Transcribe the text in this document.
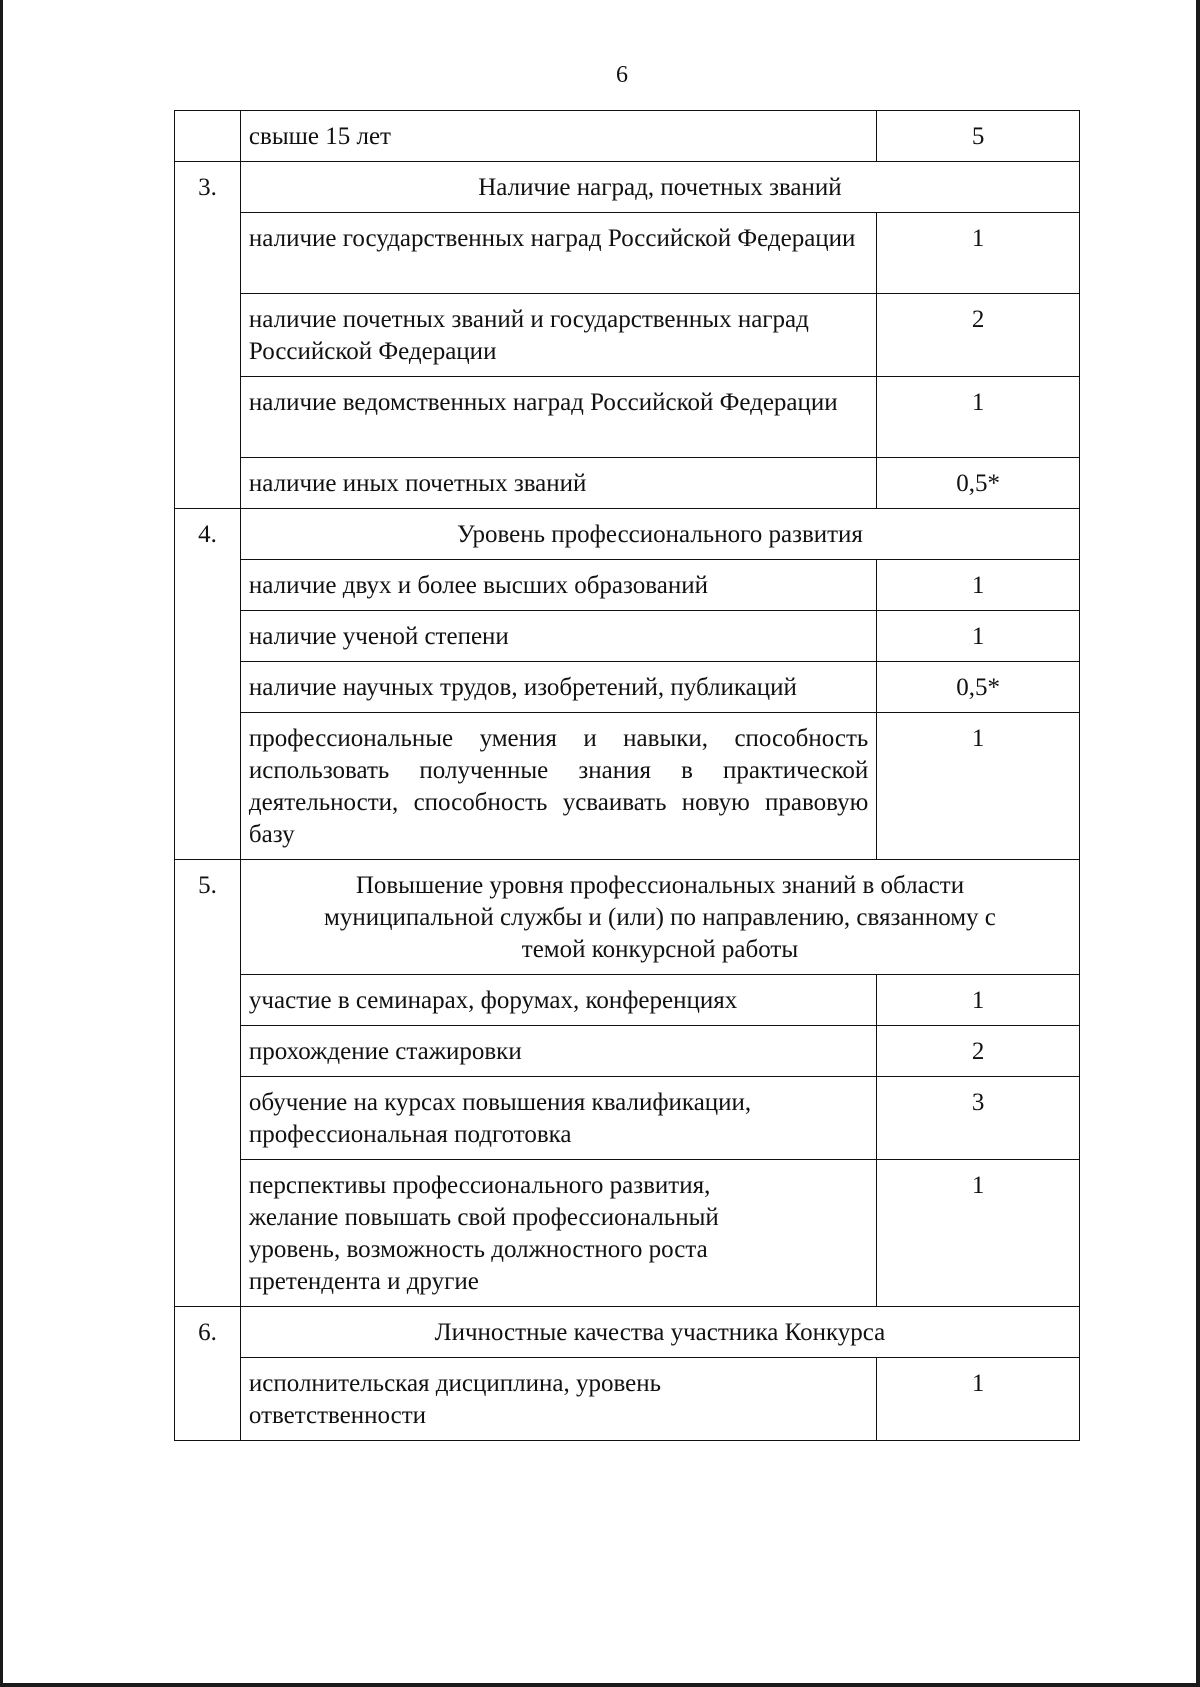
6
	свыше 15 лет	5
3.	Наличие наград, почетных званий	
	наличие государственных наград Российской Федерации	1
	наличие почетных званий и государственных наград Российской Федерации	2
	наличие ведомственных наград Российской Федерации	1
	наличие иных почетных званий	0,5*
4.	Уровень профессионального развития	
	наличие двух и более высших образований	1
	наличие ученой степени	1
	наличие научных трудов, изобретений, публикаций	0,5*
	профессиональные умения и навыки, способность использовать полученные знания в практической деятельности, способность усваивать новую правовую базу	1
5.	Повышение уровня профессиональных знаний в области муниципальной службы и (или) по направлению, связанному с темой конкурсной работы	
	участие в семинарах, форумах, конференциях	1
	прохождение стажировки	2
	обучение на курсах повышения квалификации, профессиональная подготовка	3
	перспективы профессионального развития, желание повышать свой профессиональный уровень, возможность должностного роста претендента и другие	1
6.	Личностные качества участника Конкурса	
	исполнительская дисциплина, уровень ответственности	1
